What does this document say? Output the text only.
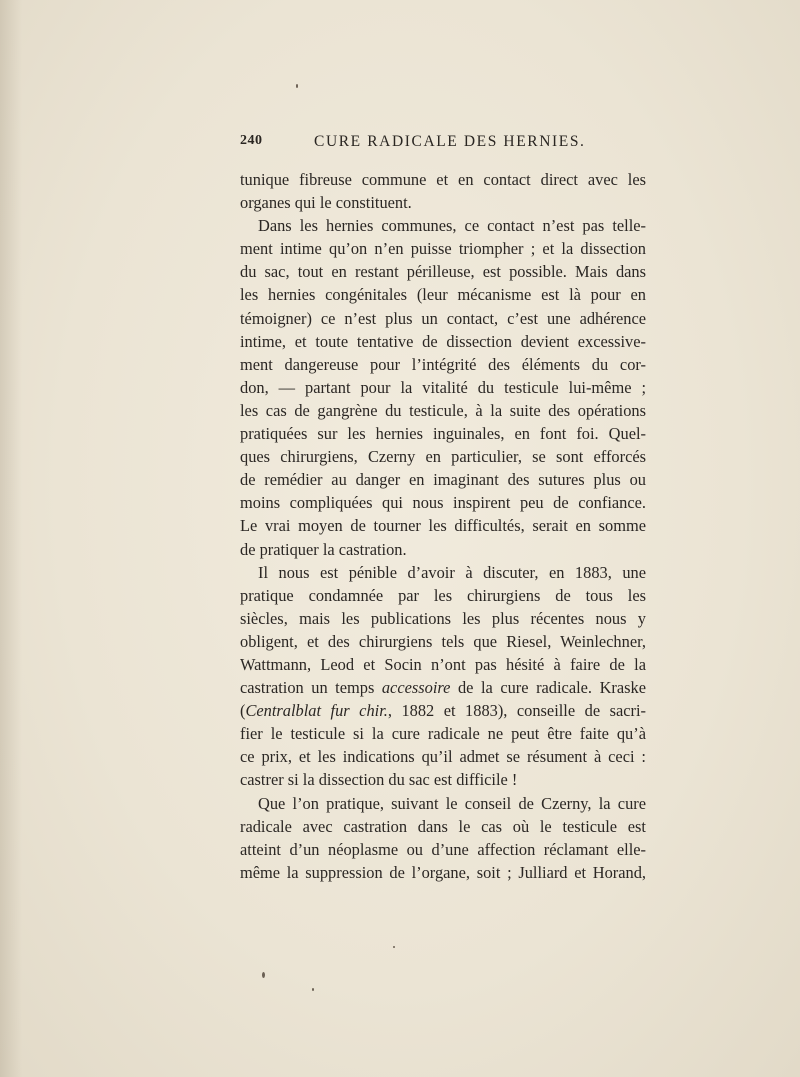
240	CURE RADICALE DES HERNIES.
tunique fibreuse commune et en contact direct avec les
organes qui le constituent.
Dans les hernies communes, ce contact n’est pas telle-
ment intime qu’on n’en puisse triompher ; et la dissection
du sac, tout en restant périlleuse, est possible. Mais dans
les hernies congénitales (leur mécanisme est là pour en
témoigner) ce n’est plus un contact, c’est une adhérence
intime, et toute tentative de dissection devient excessive-
ment dangereuse pour l’intégrité des éléments du cor-
don, — partant pour la vitalité du testicule lui-même ;
les cas de gangrène du testicule, à la suite des opérations
pratiquées sur les hernies inguinales, en font foi. Quel-
ques chirurgiens, Czerny en particulier, se sont efforcés
de remédier au danger en imaginant des sutures plus ou
moins compliquées qui nous inspirent peu de confiance.
Le vrai moyen de tourner les difficultés, serait en somme
de pratiquer la castration.
Il nous est pénible d’avoir à discuter, en 1883, une
pratique condamnée par les chirurgiens de tous les
siècles, mais les publications les plus récentes nous y
obligent, et des chirurgiens tels que Riesel, Weinlechner,
Wattmann, Leod et Socin n’ont pas hésité à faire de la
castration un temps accessoire de la cure radicale. Kraske
(Centralblat fur chir., 1882 et 1883), conseille de sacri-
fier le testicule si la cure radicale ne peut être faite qu’à
ce prix, et les indications qu’il admet se résument à ceci :
castrer si la dissection du sac est difficile !
Que l’on pratique, suivant le conseil de Czerny, la cure
radicale avec castration dans le cas où le testicule est
atteint d’un néoplasme ou d’une affection réclamant elle-
même la suppression de l’organe, soit ; Julliard et Horand,
